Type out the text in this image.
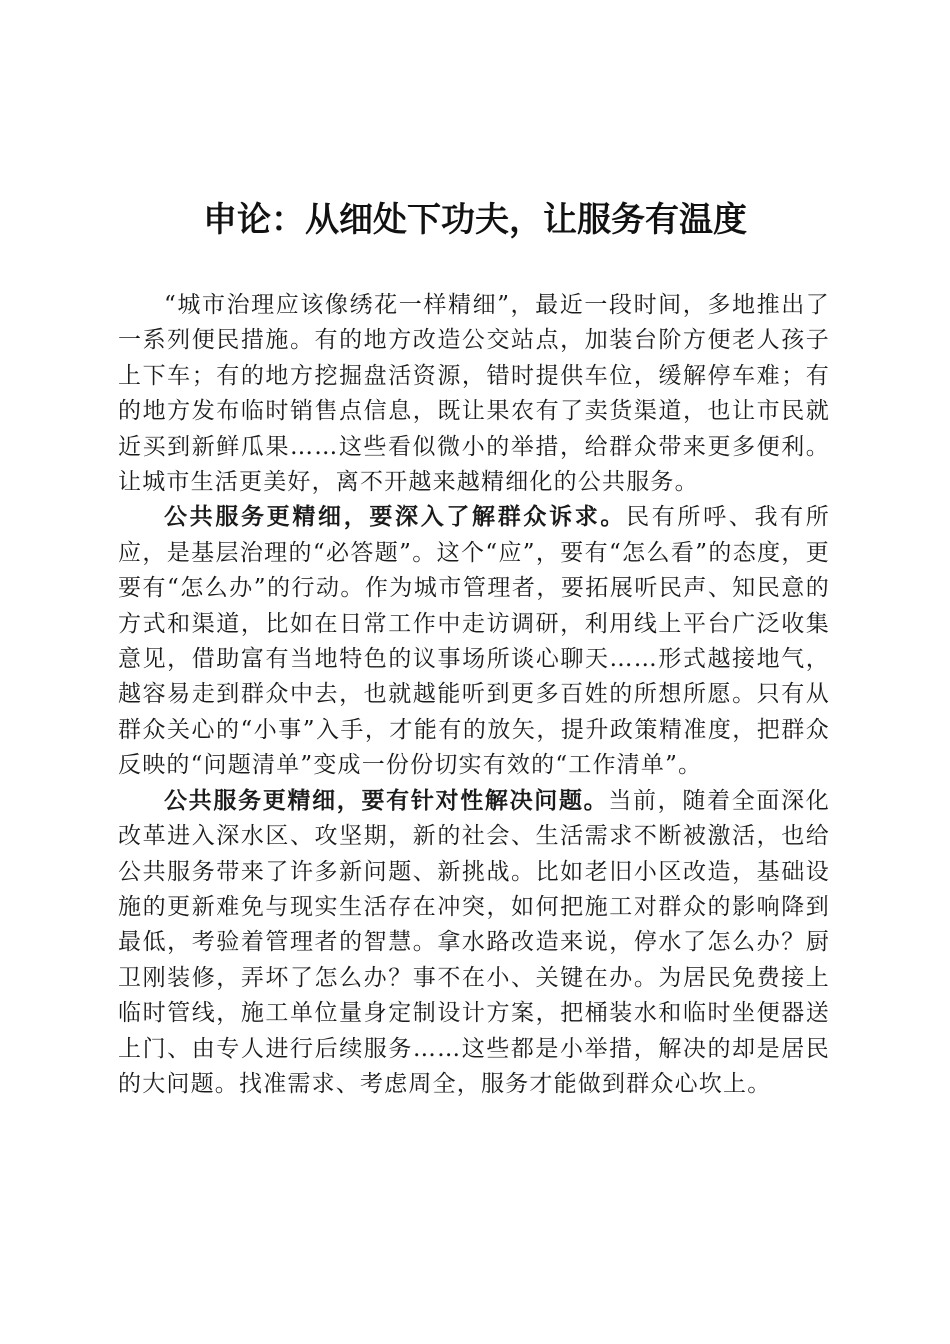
申论：从细处下功夫，让服务有温度

“城市治理应该像绣花一样精细”，最近一段时间，多地推出了一系列便民措施。有的地方改造公交站点，加装台阶方便老人孩子上下车；有的地方挖掘盘活资源，错时提供车位，缓解停车难；有的地方发布临时销售点信息，既让果农有了卖货渠道，也让市民就近买到新鲜瓜果……这些看似微小的举措，给群众带来更多便利。让城市生活更美好，离不开越来越精细化的公共服务。

公共服务更精细，要深入了解群众诉求。民有所呼、我有所应，是基层治理的“必答题”。这个“应”，要有“怎么看”的态度，更要有“怎么办”的行动。作为城市管理者，要拓展听民声、知民意的方式和渠道，比如在日常工作中走访调研，利用线上平台广泛收集意见，借助富有当地特色的议事场所谈心聊天……形式越接地气，越容易走到群众中去，也就越能听到更多百姓的所想所愿。只有从群众关心的“小事”入手，才能有的放矢，提升政策精准度，把群众反映的“问题清单”变成一份份切实有效的“工作清单”。

公共服务更精细，要有针对性解决问题。当前，随着全面深化改革进入深水区、攻坚期，新的社会、生活需求不断被激活，也给公共服务带来了许多新问题、新挑战。比如老旧小区改造，基础设施的更新难免与现实生活存在冲突，如何把施工对群众的影响降到最低，考验着管理者的智慧。拿水路改造来说，停水了怎么办？厨卫刚装修，弄坏了怎么办？事不在小、关键在办。为居民免费接上临时管线，施工单位量身定制设计方案，把桶装水和临时坐便器送上门、由专人进行后续服务……这些都是小举措，解决的却是居民的大问题。找准需求、考虑周全，服务才能做到群众心坎上。
